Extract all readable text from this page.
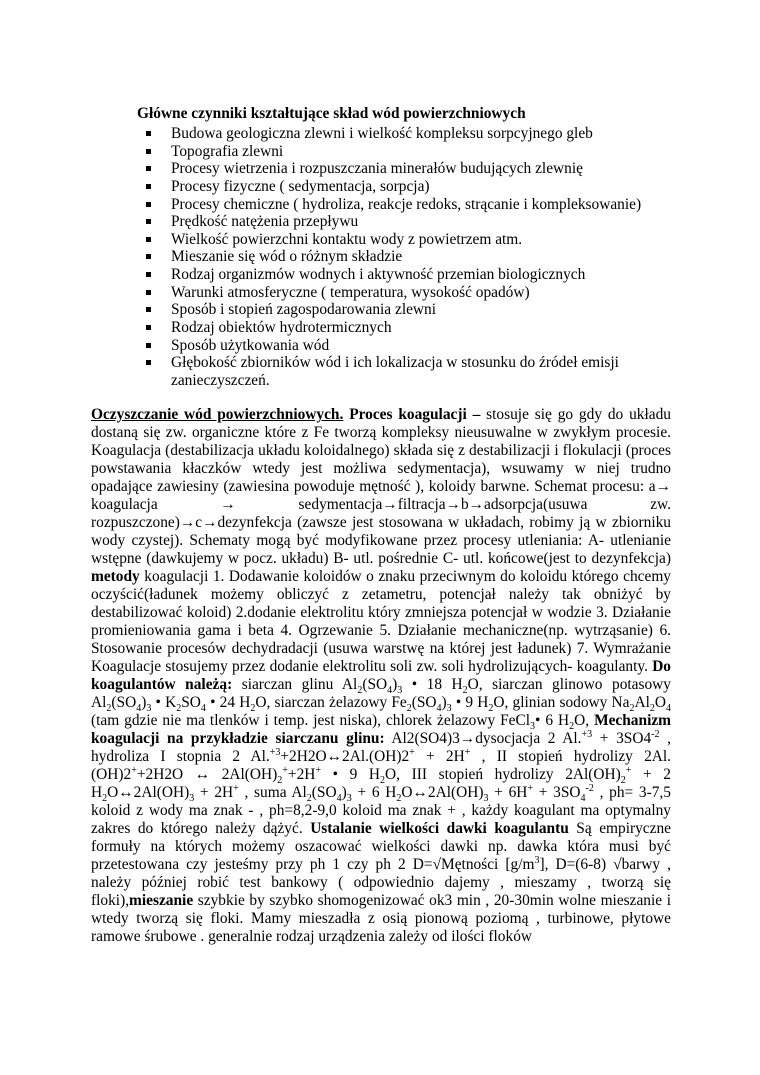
Główne czynniki kształtujące skład wód powierzchniowych
Budowa geologiczna zlewni i wielkość kompleksu sorpcyjnego gleb
Topografia zlewni
Procesy wietrzenia i rozpuszczania minerałów budujących zlewnię
Procesy fizyczne ( sedymentacja, sorpcja)
Procesy chemiczne ( hydroliza, reakcje redoks, strącanie i kompleksowanie)
Prędkość natężenia przepływu
Wielkość powierzchni kontaktu wody z powietrzem atm.
Mieszanie się wód o różnym składzie
Rodzaj organizmów wodnych i aktywność przemian biologicznych
Warunki atmosferyczne ( temperatura, wysokość opadów)
Sposób i stopień zagospodarowania zlewni
Rodzaj obiektów hydrotermicznych
Sposób użytkowania wód
Głębokość zbiorników wód i ich lokalizacja w stosunku do źródeł emisji zanieczyszczeń.
Oczyszczanie wód powierzchniowych. Proces koagulacji – stosuje się go gdy do układu dostaną się zw. organiczne które z Fe tworzą kompleksy nieusuwalne w zwykłym procesie. Koagulacja (destabilizacja układu koloidalnego) składa się z destabilizacji i flokulacji (proces powstawania kłaczków wtedy jest możliwa sedymentacja), wsuwamy w niej trudno opadające zawiesiny (zawiesina powoduje mętność ), koloidy barwne. Schemat procesu: a→ koagulacja → sedymentacja→filtracja→b→adsorpcja(usuwa zw. rozpuszczone)→c→dezynfekcja (zawsze jest stosowana w układach, robimy ją w zbiorniku wody czystej). Schematy mogą być modyfikowane przez procesy utleniania: A- utlenianie wstępne (dawkujemy w pocz. układu) B- utl. pośrednie C- utl. końcowe(jest to dezynfekcja) metody koagulacji 1. Dodawanie koloidów o znaku przeciwnym do koloidu którego chcemy oczyścić(ładunek możemy obliczyć z zetametru, potencjał należy tak obniżyć by destabilizować koloid) 2.dodanie elektrolitu który zmniejsza potencjał w wodzie 3. Działanie promieniowania gama i beta 4. Ogrzewanie 5. Działanie mechaniczne(np. wytrząsanie) 6. Stosowanie procesów dechydradacji (usuwa warstwę na której jest ładunek) 7. Wymrażanie Koagulacje stosujemy przez dodanie elektrolitu soli zw. soli hydrolizujących- koagulanty. Do koagulantów należą: siarczan glinu $Al_2(SO_4)_3$ • 18 $H_2O$, siarczan glinowo potasowy $Al_2(SO_4)_3$ • $K_2SO_4$ • 24 $H_2O$, siarczan żelazowy $Fe_2(SO_4)_3$ • 9 $H_2O$, glinian sodowy $Na_2Al_2O_4$ (tam gdzie nie ma tlenków i temp. jest niska), chlorek żelazowy FeCl$_3$• 6 $H_2O$, Mechanizm koagulacji na przykładzie siarczanu glinu: Al2(SO4)3→dysocjacja 2 $Al.^{+3} + 3SO4^{-2}$ , hydroliza I stopnia 2 Al.$^{+3}$+2H2O↔2Al.(OH)2+ + 2H+ , II stopień hydrolizy 2Al.(OH)2++2H2O ↔ $2Al(OH)_2^++2H^+$ • 9 $H_2O$, III stopień hydrolizy $2Al(OH)_2^+ + 2$ $H_2O\leftrightarrow 2Al(OH)_3 + 2H^+$ , suma $Al_2(SO_4)_3 + 6$ $H_2O\leftrightarrow 2Al(OH)_3 + 6H^+ + 3SO_4^{-2}$ , ph= 3-7,5 koloid z wody ma znak - , ph=8,2-9,0 koloid ma znak + , każdy koagulant ma optymalny zakres do którego należy dążyć. Ustalanie wielkości dawki koagulantu Są empiryczne formuły na których możemy oszacować wielkości dawki np. dawka która musi być przetestowana czy jesteśmy przy ph 1 czy ph 2 D=√Mętności $[g/m^3]$, D=(6-8) √barwy , należy później robić test bankowy ( odpowiednio dajemy , mieszamy , tworzą się floki),mieszanie szybkie by szybko shomogenizować ok3 min , 20-30min wolne mieszanie i wtedy tworzą się floki. Mamy mieszadła z osią pionową poziomą , turbinowe, płytowe ramowe śrubowe . generalnie rodzaj urządzenia zależy od ilości floków
